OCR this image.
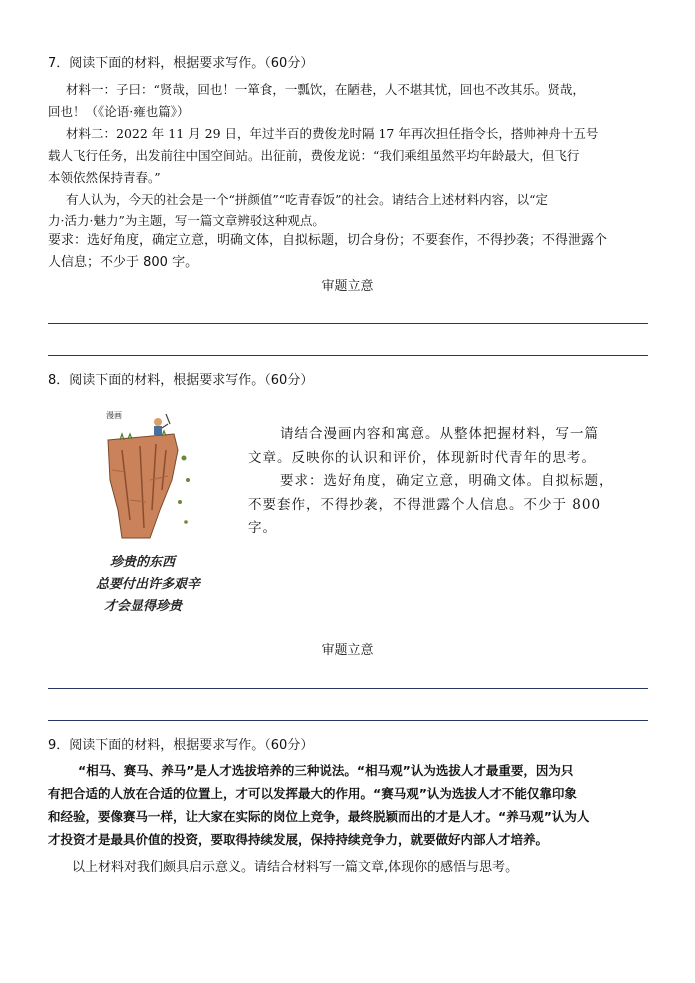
7．阅读下面的材料，根据要求写作。（60分）
材料一：子曰：“贤哉，回也！一箪食，一瓢饮，在陋巷，人不堪其忧，回也不改其乐。贤哉，
回也！（《论语·雍也篇》）
材料二：2022 年 11 月 29 日，年过半百的费俊龙时隔 17 年再次担任指令长，搭帅神舟十五号
载人飞行任务，出发前往中国空间站。出征前，费俊龙说：“我们乘组虽然平均年龄最大，但飞行
本领依然保持青春。”
有人认为，今天的社会是一个“拼颜值”“吃青春饭”的社会。请结合上述材料内容，以“定
力·活力·魅力”为主题，写一篇文章辨驳这种观点。
要求：选好角度，确定立意，明确文体，自拟标题，切合身份；不要套作，不得抄袭；不得泄露个
人信息；不少于 800 字。
审题立意
8．阅读下面的材料，根据要求写作。（60分）
漫画
珍贵的东西
总要付出许多艰辛
才会显得珍贵
请结合漫画内容和寓意。从整体把握材料，写一篇
文章。反映你的认识和评价，体现新时代青年的思考。
要求：选好角度，确定立意，明确文体。自拟标题，
不要套作，不得抄袭，不得泄露个人信息。不少于 800
字。
审题立意
9．阅读下面的材料，根据要求写作。（60分）
“相马、赛马、养马”是人才选拔培养的三种说法。“相马观”认为选拔人才最重要，因为只
有把合适的人放在合适的位置上，才可以发挥最大的作用。“赛马观”认为选拔人才不能仅靠印象
和经验，要像赛马一样，让大家在实际的岗位上竞争，最终脱颖而出的才是人才。“养马观”认为人
才投资才是最具价值的投资，要取得持续发展，保持持续竞争力，就要做好内部人才培养。
以上材料对我们颇具启示意义。请结合材料写一篇文章,体现你的感悟与思考。
